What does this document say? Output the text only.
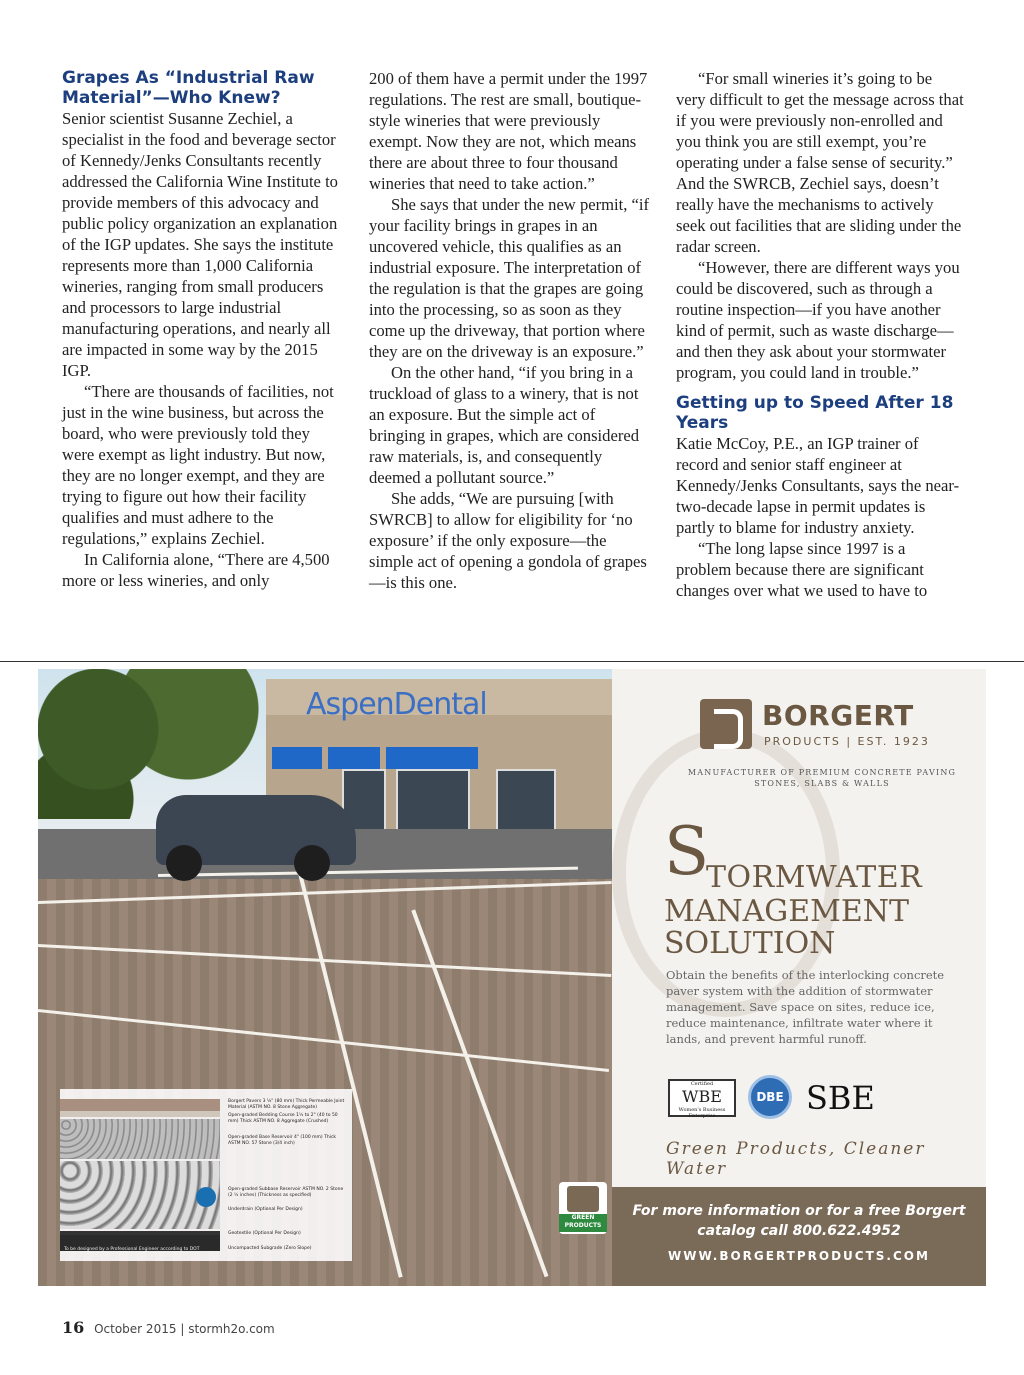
Grapes As “Industrial Raw Material”—Who Knew?

Senior scientist Susanne Zechiel, a specialist in the food and beverage sector of Kennedy/Jenks Consultants recently addressed the California Wine Institute to provide members of this advocacy and public policy organization an explanation of the IGP updates. She says the institute represents more than 1,000 California wineries, ranging from small producers and processors to large industrial manufacturing operations, and nearly all are impacted in some way by the 2015 IGP.

“There are thousands of facilities, not just in the wine business, but across the board, who were previously told they were exempt as light industry. But now, they are no longer exempt, and they are trying to figure out how their facility qualifies and must adhere to the regulations,” explains Zechiel.

In California alone, “There are 4,500 more or less wineries, and only

200 of them have a permit under the 1997 regulations. The rest are small, boutique-style wineries that were previously exempt. Now they are not, which means there are about three to four thousand wineries that need to take action.”

She says that under the new permit, “if your facility brings in grapes in an uncovered vehicle, this qualifies as an industrial exposure. The interpretation of the regulation is that the grapes are going into the processing, so as soon as they come up the driveway, that portion where they are on the driveway is an exposure.”

On the other hand, “if you bring in a truckload of glass to a winery, that is not an exposure. But the simple act of bringing in grapes, which are considered raw materials, is, and consequently deemed a pollutant source.”

She adds, “We are pursuing [with SWRCB] to allow for eligibility for ‘no exposure’ if the only exposure—the simple act of opening a gondola of grapes—is this one.

“For small wineries it’s going to be very difficult to get the message across that if you were previously non-enrolled and you think you are still exempt, you’re operating under a false sense of security.” And the SWRCB, Zechiel says, doesn’t really have the mechanisms to actively seek out facilities that are sliding under the radar screen.

“However, there are different ways you could be discovered, such as through a routine inspection—if you have another kind of permit, such as waste discharge—and then they ask about your stormwater program, you could land in trouble.”

Getting up to Speed After 18 Years

Katie McCoy, P.E., an IGP trainer of record and senior staff engineer at Kennedy/Jenks Consultants, says the near-two-decade lapse in permit updates is partly to blame for industry anxiety.

“The long lapse since 1997 is a problem because there are significant changes over what we used to have to

AspenDental
Borgert Pavers 3 ⅛" (80 mm) Thick Permeable Joint Material (ASTM NO. 8 Stone Aggregate)
Open-graded Bedding Course 1½ to 2" (40 to 50 mm) Thick ASTM NO. 8 Aggregate (Crushed)
Open-graded Base Reservoir 4" (100 mm) Thick ASTM NO. 57 Stone (3/4 inch)
Open-graded Subbase Reservoir ASTM NO. 2 Stone (2 ½ inches) (Thickness as specified)
Underdrain (Optional Per Design)
Geotextile (Optional Per Design)
Uncompacted Subgrade (Zero Slope)
To be designed by a Professional Engineer according to DOT specifications
GREEN PRODUCTS
BORGERT
PRODUCTS | EST. 1923
MANUFACTURER OF PREMIUM CONCRETE PAVING STONES, SLABS & WALLS
S
TORMWATER
MANAGEMENT
SOLUTION
Obtain the benefits of the interlocking concrete paver system with the addition of stormwater management. Save space on sites, reduce ice, reduce maintenance, infiltrate water where it lands, and prevent harmful runoff.
Certified
WBE
Women's Business Enterprise
DBE SBE
Green Products, Cleaner Water
For more information or for a free Borgert catalog call 800.622.4952
WWW.BORGERTPRODUCTS.COM
16 October 2015 | stormh2o.com
